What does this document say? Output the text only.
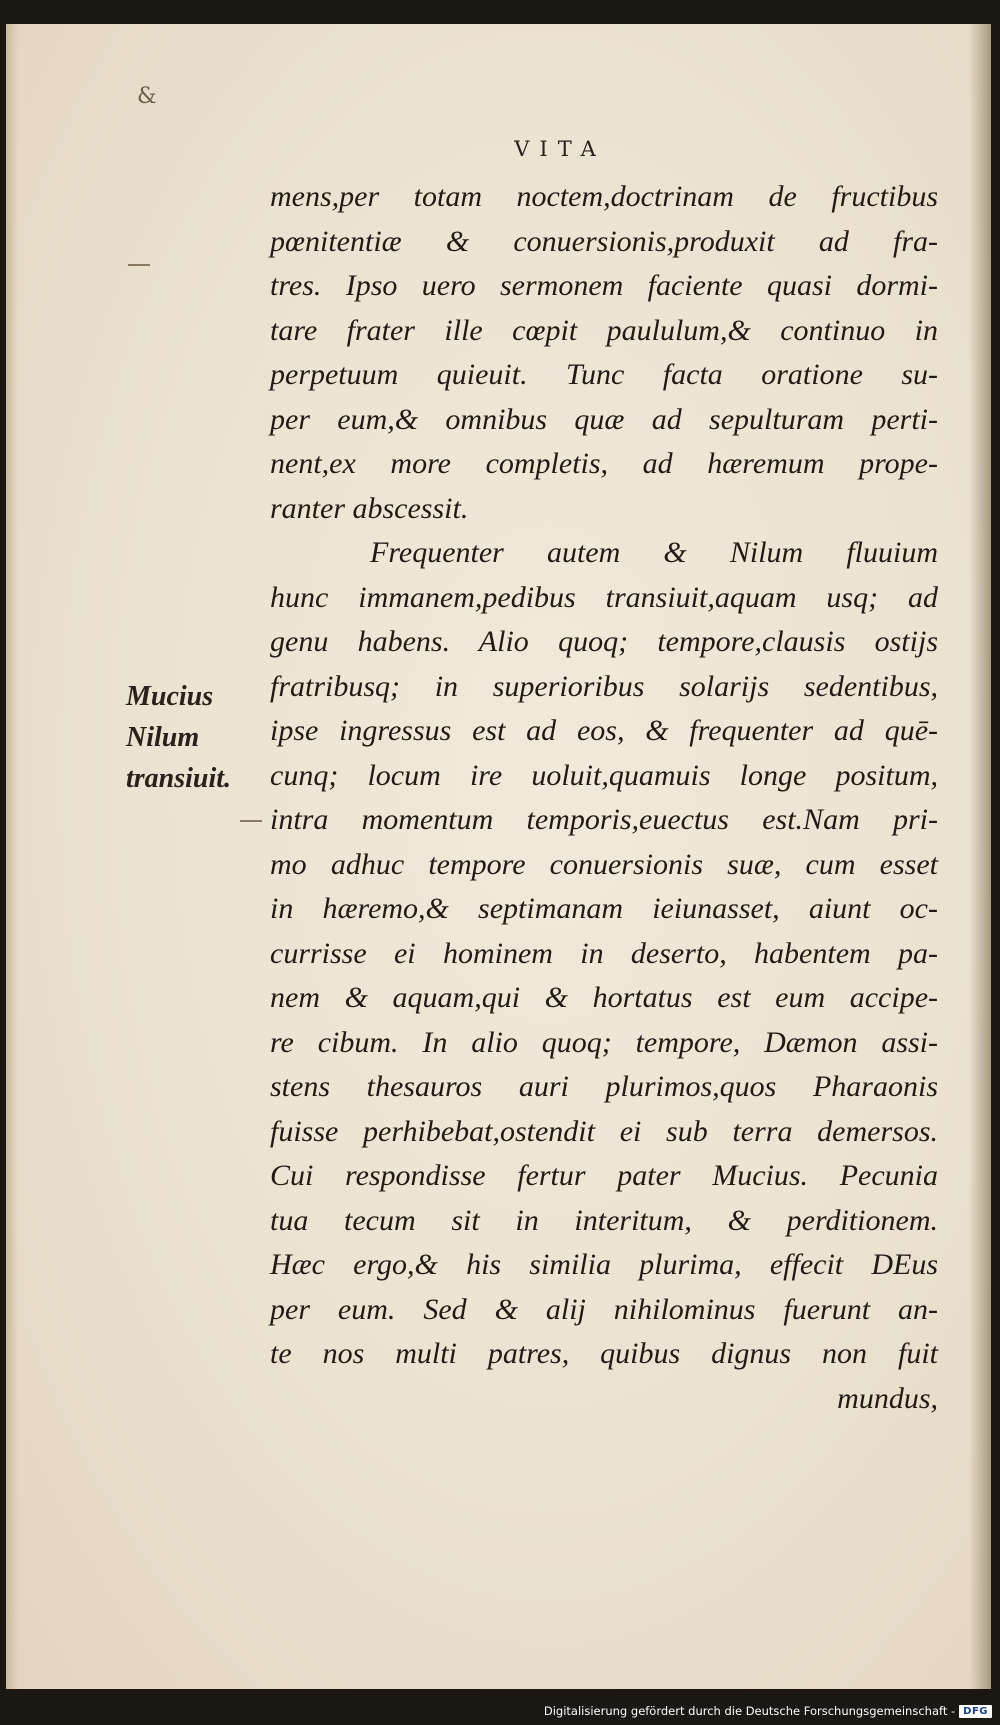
&
VITA
mens,per totam noctem,doctrinam de fructibus
pœnitentiæ & conuersionis,produxit ad fra-
tres. Ipso uero sermonem faciente quasi dormi-
tare frater ille cœpit paululum,& continuo in
perpetuum quieuit. Tunc facta oratione su-
per eum,& omnibus quæ ad sepulturam perti-
nent,ex more completis, ad hæremum prope-
ranter abscessit.
Frequenter autem & Nilum fluuium
hunc immanem,pedibus transiuit,aquam usq; ad
genu habens. Alio quoq; tempore,clausis ostijs
fratribusq; in superioribus solarijs sedentibus,
ipse ingressus est ad eos, & frequenter ad quē-
cunq; locum ire uoluit,quamuis longe positum,
intra momentum temporis,euectus est.Nam pri-
mo adhuc tempore conuersionis suæ, cum esset
in hæremo,& septimanam ieiunasset, aiunt oc-
currisse ei hominem in deserto, habentem pa-
nem & aquam,qui & hortatus est eum accipe-
re cibum. In alio quoq; tempore, Dæmon assi-
stens thesauros auri plurimos,quos Pharaonis
fuisse perhibebat,ostendit ei sub terra demersos.
Cui respondisse fertur pater Mucius. Pecunia
tua tecum sit in interitum, & perditionem.
Hæc ergo,& his similia plurima, effecit DEus
per eum. Sed & alij nihilominus fuerunt an-
te nos multi patres, quibus dignus non fuit
mundus,
Mucius
Nilum
transiuit.
Digitalisierung gefördert durch die Deutsche Forschungsgemeinschaft - DFG
